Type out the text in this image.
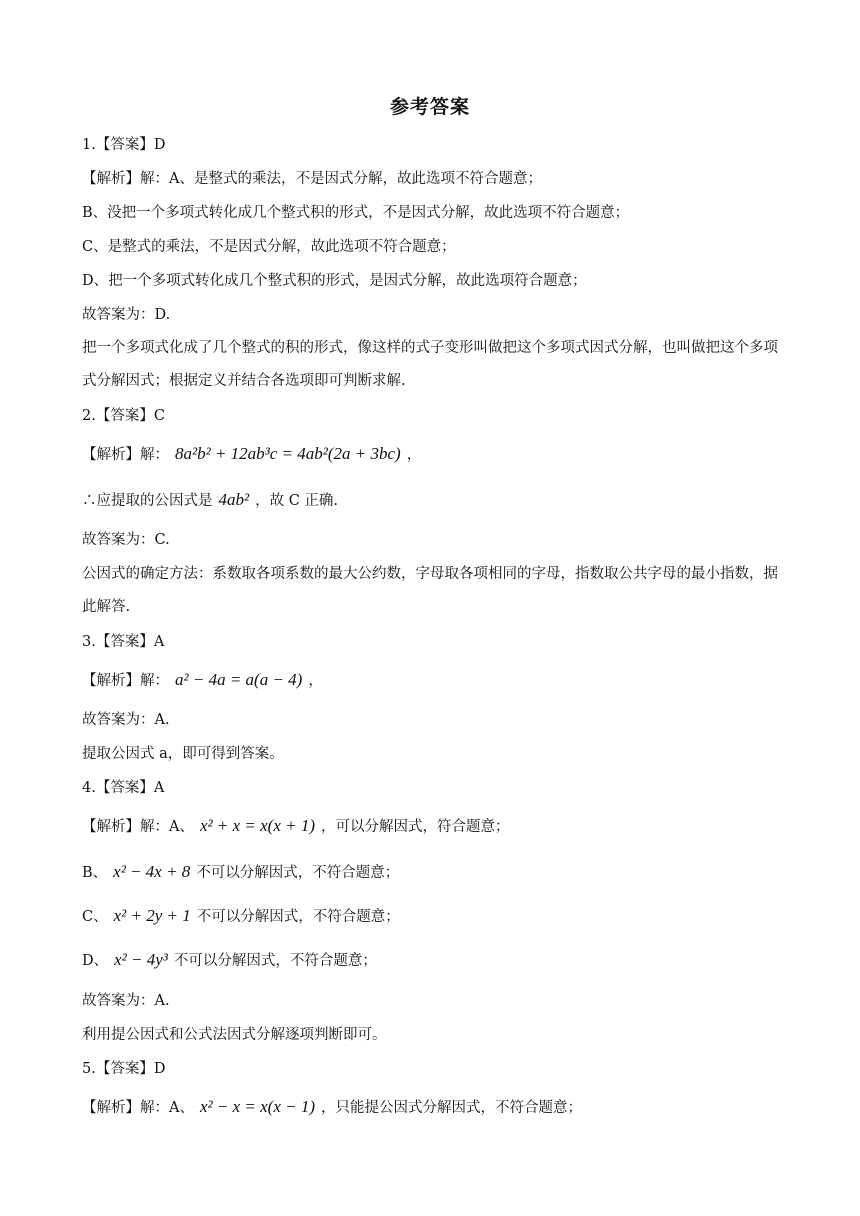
参考答案
1.【答案】D
【解析】解：A、是整式的乘法，不是因式分解，故此选项不符合题意；
B、没把一个多项式转化成几个整式积的形式，不是因式分解，故此选项不符合题意；
C、是整式的乘法，不是因式分解，故此选项不符合题意；
D、把一个多项式转化成几个整式积的形式，是因式分解，故此选项符合题意；
故答案为：D.
把一个多项式化成了几个整式的积的形式，像这样的式子变形叫做把这个多项式因式分解，也叫做把这个多项式分解因式；根据定义并结合各选项即可判断求解.
2.【答案】C
【解析】解： 8a²b² + 12ab³c = 4ab²(2a + 3bc) ，
∴应提取的公因式是 4ab² ，故 C 正确.
故答案为：C.
公因式的确定方法：系数取各项系数的最大公约数，字母取各项相同的字母，指数取公共字母的最小指数，据此解答.
3.【答案】A
【解析】解： a² − 4a = a(a − 4) ，
故答案为：A.
提取公因式 a，即可得到答案。
4.【答案】A
【解析】解：A、 x² + x = x(x + 1) ，可以分解因式，符合题意；
B、 x² − 4x + 8 不可以分解因式，不符合题意；
C、 x² + 2y + 1 不可以分解因式，不符合题意；
D、 x² − 4y³ 不可以分解因式，不符合题意；
故答案为：A.
利用提公因式和公式法因式分解逐项判断即可。
5.【答案】D
【解析】解：A、 x² − x = x(x − 1) ，只能提公因式分解因式，不符合题意；
